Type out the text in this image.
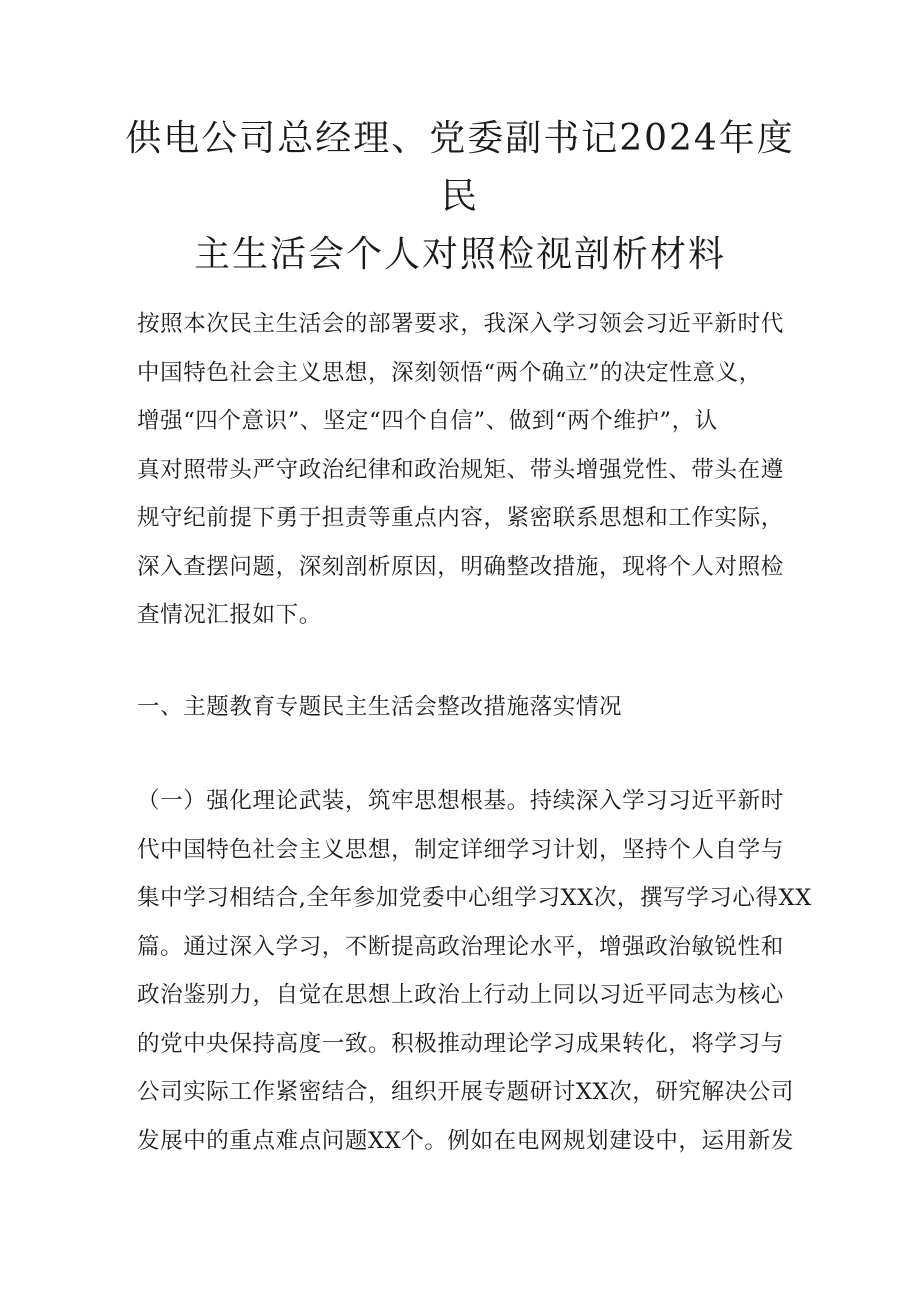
供电公司总经理、党委副书记2024年度民
主生活会个人对照检视剖析材料

按照本次民主生活会的部署要求，我深入学习领会习近平新时代
中国特色社会主义思想，深刻领悟“两个确立”的决定性意义，
增强“四个意识”、坚定“四个自信”、做到“两个维护”，认
真对照带头严守政治纪律和政治规矩、带头增强党性、带头在遵
规守纪前提下勇于担责等重点内容，紧密联系思想和工作实际，
深入查摆问题，深刻剖析原因，明确整改措施，现将个人对照检
查情况汇报如下。

一、主题教育专题民主生活会整改措施落实情况

（一）强化理论武装，筑牢思想根基。持续深入学习习近平新时
代中国特色社会主义思想，制定详细学习计划，坚持个人自学与
集中学习相结合,全年参加党委中心组学习XX次，撰写学习心得XX
篇。通过深入学习，不断提高政治理论水平，增强政治敏锐性和
政治鉴别力，自觉在思想上政治上行动上同以习近平同志为核心
的党中央保持高度一致。积极推动理论学习成果转化，将学习与
公司实际工作紧密结合，组织开展专题研讨XX次，研究解决公司
发展中的重点难点问题XX个。例如在电网规划建设中，运用新发
